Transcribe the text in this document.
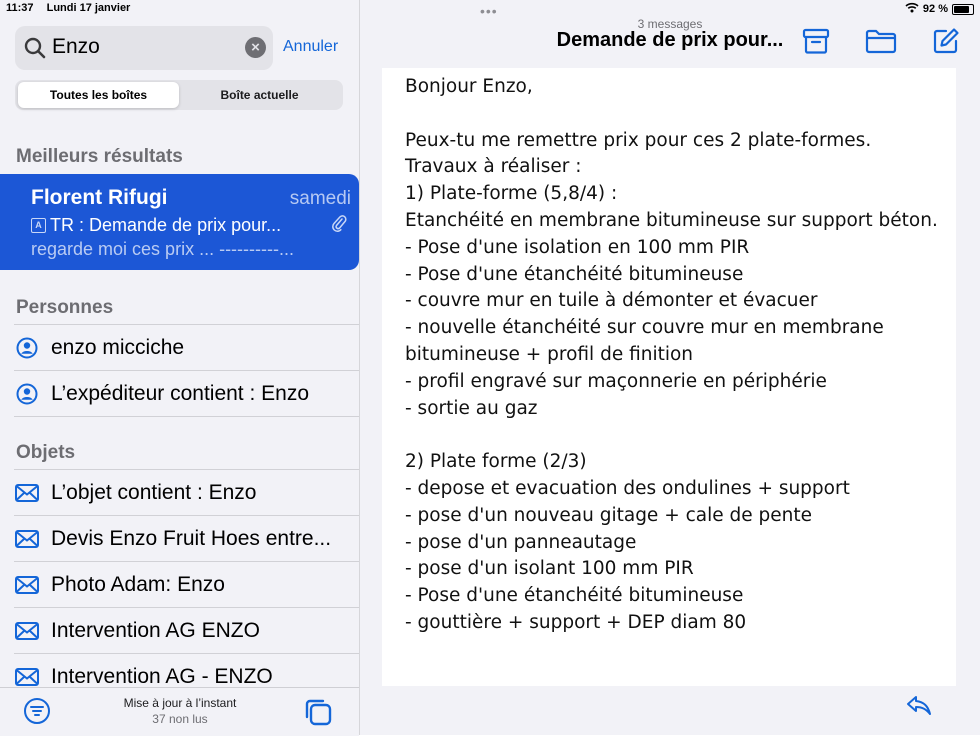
11:37 Lundi 17 janvier
Enzo	×	Annuler
Toutes les boîtes	Boîte actuelle
Meilleurs résultats
Florent Rifugi	samedi
A TR : Demande de prix pour...
regarde moi ces prix ... ----------...
Personnes
enzo micciche
L’expéditeur contient : Enzo
Objets
L’objet contient : Enzo
Devis Enzo Fruit Hoes entre...
Photo Adam: Enzo
Intervention AG ENZO
Intervention AG - ENZO
Mise à jour à l’instant
37 non lus
•••
3 messages
Demande de prix pour...
92 %
Bonjour Enzo,

Peux-tu me remettre prix pour ces 2 plate-formes.
Travaux à réaliser :
1) Plate-forme (5,8/4) :
Etanchéité en membrane bitumineuse sur support béton.
- Pose d'une isolation en 100 mm PIR
- Pose d'une étanchéité bitumineuse
- couvre mur en tuile à démonter et évacuer
- nouvelle étanchéité sur couvre mur en membrane bitumineuse + profil de finition
- profil engravé sur maçonnerie en périphérie
- sortie au gaz

2) Plate forme (2/3)
- depose et evacuation des ondulines + support
- pose d'un nouveau gitage + cale de pente
- pose d'un panneautage
- pose d'un isolant 100 mm PIR
- Pose d'une étanchéité bitumineuse
- gouttière + support + DEP diam 80
